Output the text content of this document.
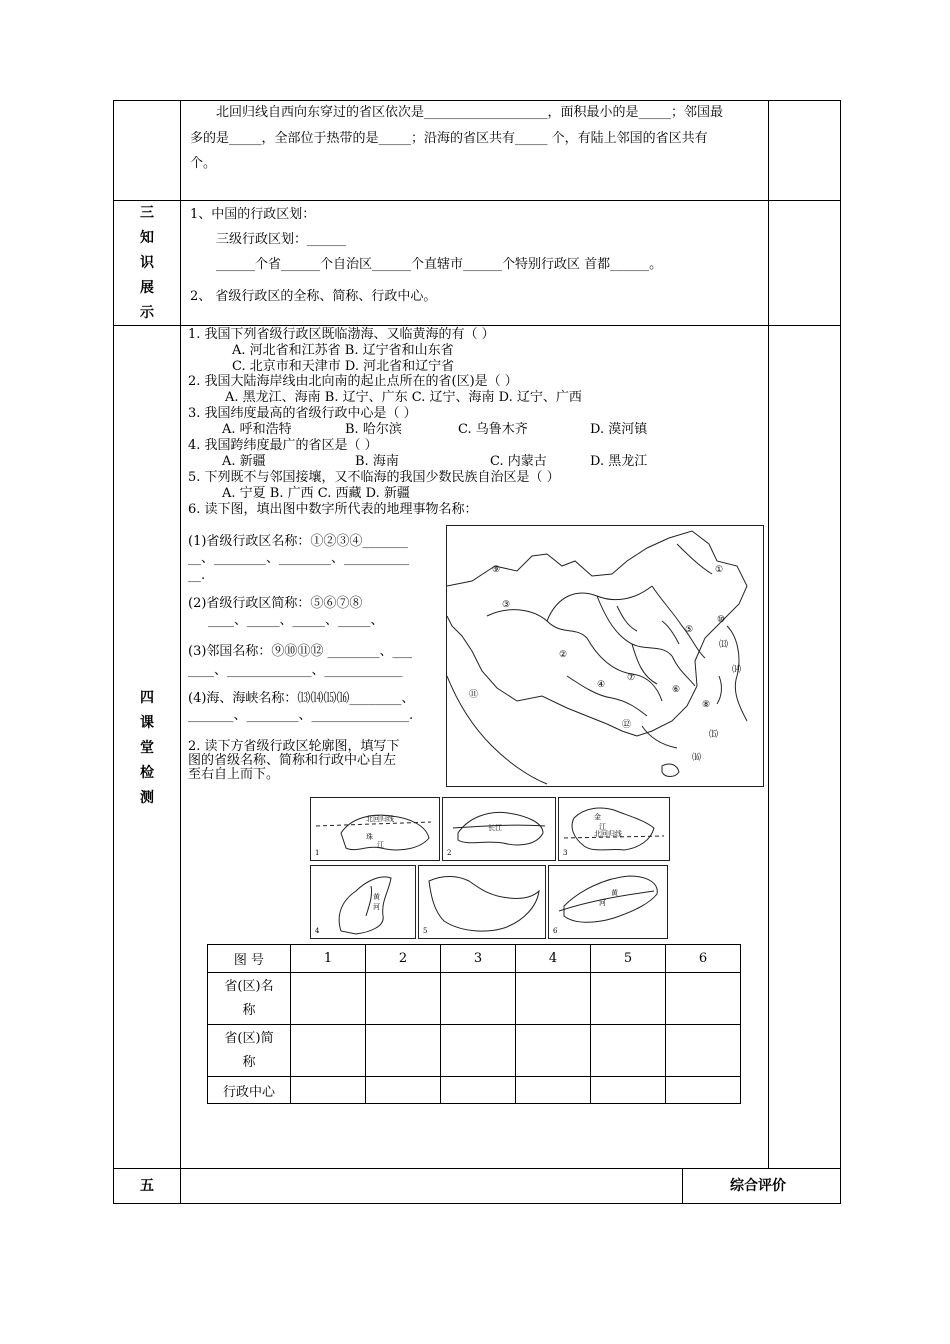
北回归线自西向东穿过的省区依次是___________________，面积最小的是_____；邻国最
多的是_____，全部位于热带的是_____；沿海的省区共有_____ 个，有陆上邻国的省区共有
个。
三
知
识
展
示
1、中国的行政区划：
三级行政区划：______
______个省______个自治区______个直辖市______个特别行政区 首都______。
2、 省级行政区的全称、简称、行政中心。
四
课
堂
检
测
1. 我国下列省级行政区既临渤海、又临黄海的有（ ）
A. 河北省和江苏省 B. 辽宁省和山东省
C. 北京市和天津市 D. 河北省和辽宁省
2. 我国大陆海岸线由北向南的起止点所在的省(区)是（ ）
A. 黑龙江、海南 B. 辽宁、广东 C. 辽宁、海南 D. 辽宁、广西
3. 我国纬度最高的省级行政中心是（ ）
A. 呼和浩特	B. 哈尔滨	C. 乌鲁木齐	D. 漠河镇
4. 我国跨纬度最广的省区是（ ）
A. 新疆	B. 海南	C. 内蒙古	D. 黑龙江
5. 下列既不与邻国接壤，又不临海的我国少数民族自治区是（ ）
A. 宁夏 B. 广西 C. 西藏 D. 新疆
6. 读下图，填出图中数字所代表的地理事物名称：
(1)省级行政区名称：①②③④_______
__、________、________、__________
__.
(2)省级行政区简称：⑤⑥⑦⑧
____、_____、_____、_____、
(3)邻国名称：⑨⑩⑪⑫ ________、___
____、_____________、____________
(4)海、海峡名称：⒀⒁⒂⒃________、
_______、________、_______________.
2. 读下方省级行政区轮廓图，填写下
图的省级名称、简称和行政中心自左
至右自上而下。
①
②
③
④
⑤
⑥
⑦
⑧
⑨
⑩
⑪
⑫
⒀
⒁
⒂
⒃
北回归线
珠
江
1
长江
2
金
江
北回归线
3
黄
河
4	5
黄
河
6
图 号	1	2	3	4	5	6

省(区)名
称						

省(区)简
称						

行政中心						
五	综合评价
